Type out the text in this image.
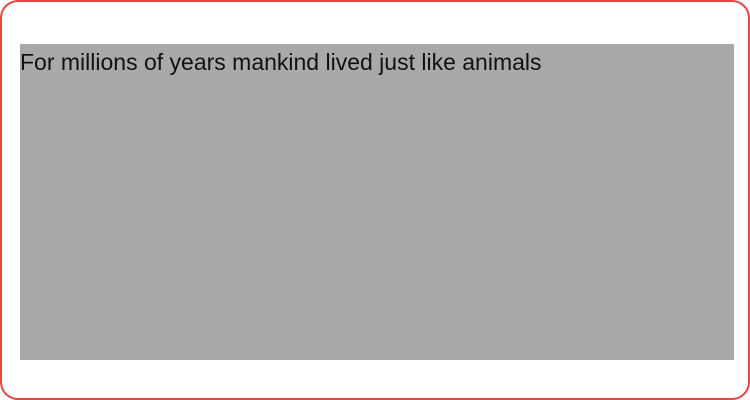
For millions of years mankind lived just like animals
